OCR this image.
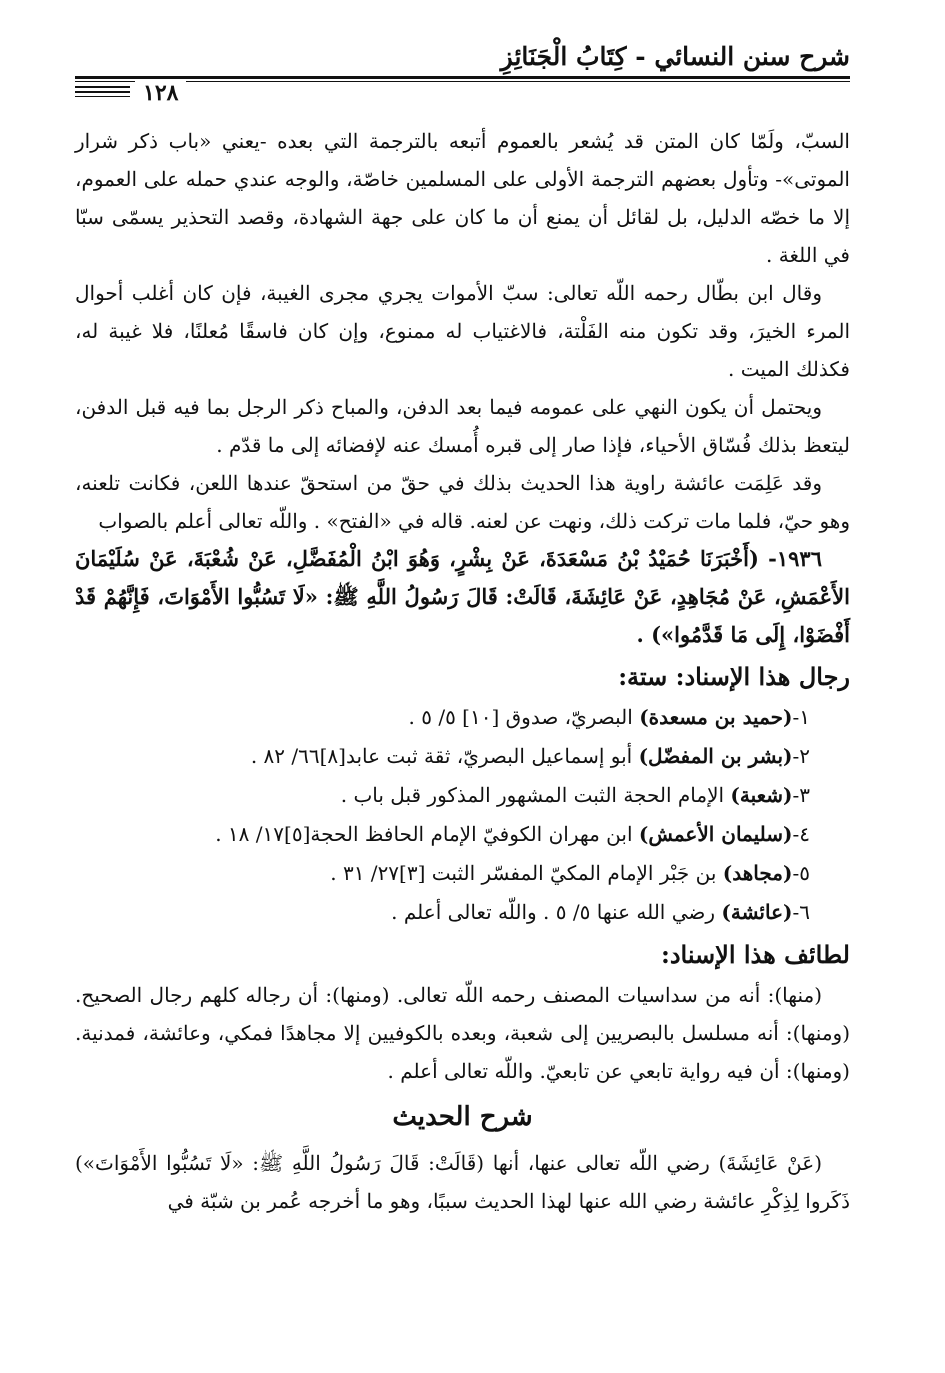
شرح سنن النسائي - كِتَابُ الْجَنَائِزِ
١٢٨

السبّ، ولَمّا كان المتن قد يُشعر بالعموم أتبعه بالترجمة التي بعده -يعني «باب ذكر شرار الموتى»- وتأول بعضهم الترجمة الأولى على المسلمين خاصّة، والوجه عندي حمله على العموم، إلا ما خصّه الدليل، بل لقائل أن يمنع أن ما كان على جهة الشهادة، وقصد التحذير يسمّى سبّا في اللغة .

وقال ابن بطّال رحمه اللّه تعالى: سبّ الأموات يجري مجرى الغيبة، فإن كان أغلب أحوال المرء الخيرَ، وقد تكون منه الفَلْتة، فالاغتياب له ممنوع، وإن كان فاسقًا مُعلنًا، فلا غيبة له، فكذلك الميت .

ويحتمل أن يكون النهي على عمومه فيما بعد الدفن، والمباح ذكر الرجل بما فيه قبل الدفن، ليتعظ بذلك فُسّاق الأحياء، فإذا صار إلى قبره أُمسك عنه لإفضائه إلى ما قدّم .

وقد عَلِمَت عائشة راوية هذا الحديث بذلك في حقّ من استحقّ عندها اللعن، فكانت تلعنه، وهو حيّ، فلما مات تركت ذلك، ونهت عن لعنه. قاله في «الفتح» . واللّه تعالى أعلم بالصواب

١٩٣٦- (أَخْبَرَنَا حُمَيْدُ بْنُ مَسْعَدَةَ، عَنْ بِشْرٍ، وَهُوَ ابْنُ الْمُفَضَّلِ، عَنْ شُعْبَةَ، عَنْ سُلَيْمَانَ الأَعْمَشِ، عَنْ مُجَاهِدٍ، عَنْ عَائِشَةَ، قَالَتْ: قَالَ رَسُولُ اللَّهِ ﷺ: «لَا تَسُبُّوا الأَمْوَاتَ، فَإِنَّهُمْ قَدْ أَفْضَوْا، إِلَى مَا قَدَّمُوا») .

رجال هذا الإسناد: ستة:
١-(حميد بن مسعدة) البصريّ، صدوق [١٠] ٥/ ٥ .
٢-(بشر بن المفضّل) أبو إسماعيل البصريّ، ثقة ثبت عابد[٨]٦٦/ ٨٢ .
٣-(شعبة) الإمام الحجة الثبت المشهور المذكور قبل باب .
٤-(سليمان الأعمش) ابن مهران الكوفيّ الإمام الحافظ الحجة[٥]١٧/ ١٨ .
٥-(مجاهد) بن جَبْر الإمام المكيّ المفسّر الثبت [٣]٢٧/ ٣١ .
٦-(عائشة) رضي الله عنها ٥/ ٥ . واللّه تعالى أعلم .
لطائف هذا الإسناد:

(منها): أنه من سداسيات المصنف رحمه اللّه تعالى. (ومنها): أن رجاله كلهم رجال الصحيح. (ومنها): أنه مسلسل بالبصريين إلى شعبة، وبعده بالكوفيين إلا مجاهدًا فمكي، وعائشة، فمدنية. (ومنها): أن فيه رواية تابعي عن تابعيّ. واللّه تعالى أعلم .

شرح الحديث

(عَنْ عَائِشَةَ) رضي اللّه تعالى عنها، أنها (قَالَتْ: قَالَ رَسُولُ اللَّهِ ﷺ: «لَا تَسُبُّوا الأَمْوَاتَ») ذَكَروا لِذِكْرِ عائشة رضي الله عنها لهذا الحديث سببًا، وهو ما أخرجه عُمر بن شبّة في
